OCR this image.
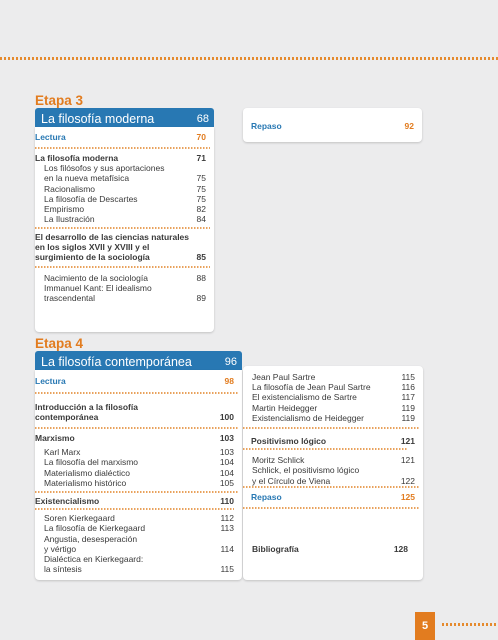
Etapa 3
La filosofía moderna	68
Lectura	70
La filosofía moderna	71
Los filósofos y sus aportaciones
en la nueva metafísica	75
Racionalismo	75
La filosofía de Descartes	75
Empirismo	82
La Ilustración	84
El desarrollo de las ciencias naturales
en los siglos XVII y XVIII y el
surgimiento de la sociología	85
Nacimiento de la sociología	88
Immanuel Kant: El idealismo
trascendental	89
Repaso	92
Etapa 4
La filosofía contemporánea	96
Lectura	98
Introducción a la filosofía
contemporánea	100
Marxismo	103
Karl Marx	103
La filosofía del marxismo	104
Materialismo dialéctico	104
Materialismo histórico	105
Existencialismo	110
Soren Kierkegaard	112
La filosofía de Kierkegaard	113
Angustia, desesperación
y vértigo	114
Dialéctica en Kierkegaard:
la síntesis	115
Jean Paul Sartre	115
La filosofía de Jean Paul Sartre	116
El existencialismo de Sartre	117
Martin Heidegger	119
Existencialismo de Heidegger	119
Positivismo lógico	121
Moritz Schlick	121
Schlick, el positivismo lógico
y el Círculo de Viena	122
Repaso	125
Bibliografía	128
5
